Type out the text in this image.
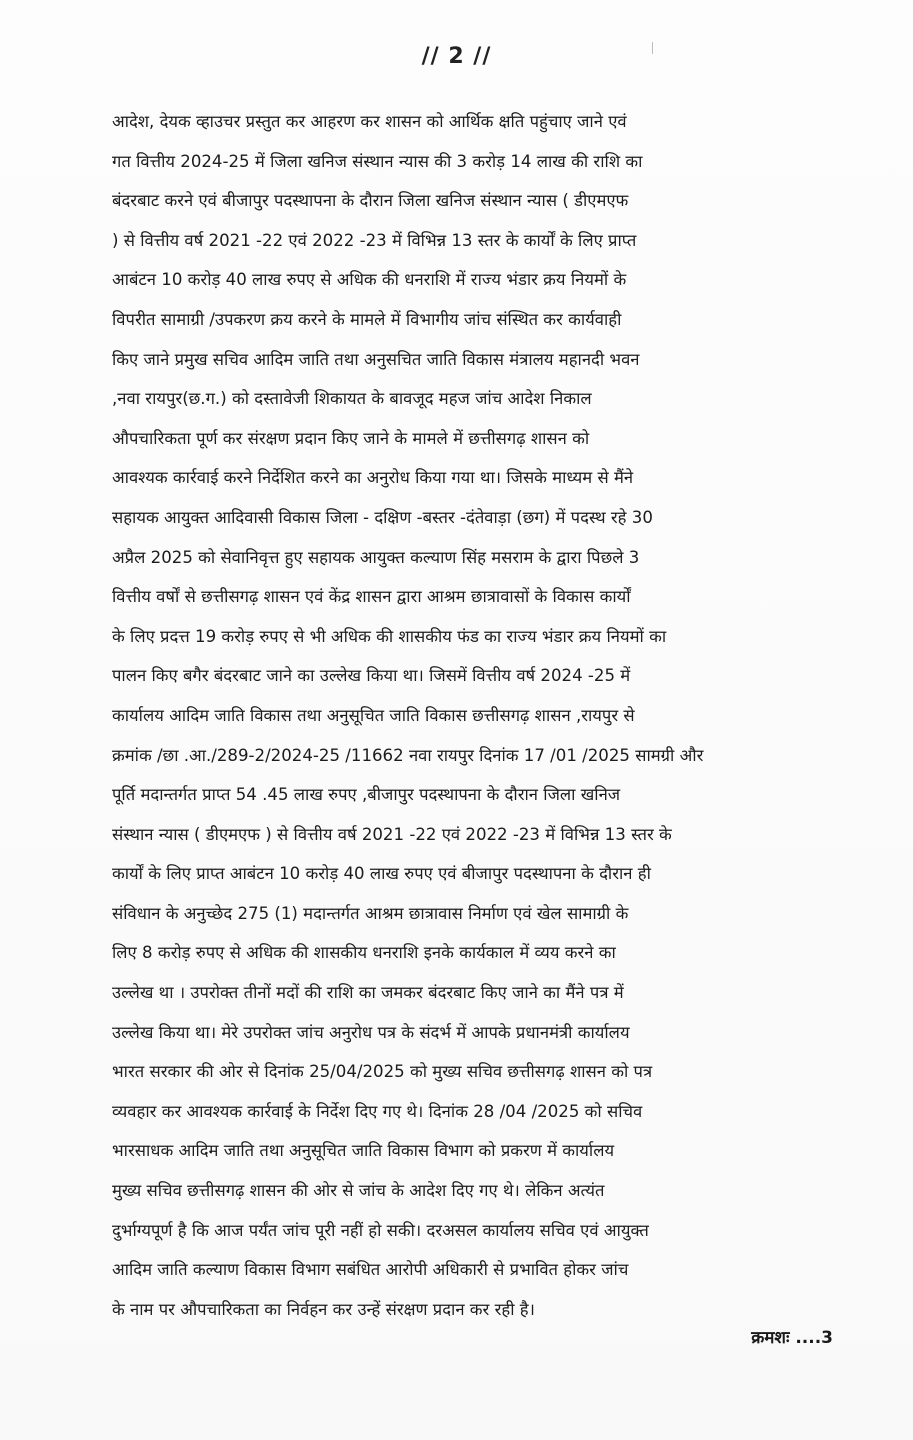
// 2 //
आदेश, देयक व्हाउचर प्रस्तुत कर आहरण कर शासन को आर्थिक क्षति पहुंचाए जाने एवं
गत वित्तीय 2024-25 में जिला खनिज संस्थान न्यास की 3 करोड़ 14 लाख की राशि का
बंदरबाट करने एवं बीजापुर पदस्थापना के दौरान जिला खनिज संस्थान न्यास ( डीएमएफ
) से वित्तीय वर्ष 2021 -22 एवं 2022 -23 में विभिन्न 13 स्तर के कार्यों के लिए प्राप्त
आबंटन 10 करोड़ 40 लाख रुपए से अधिक की धनराशि में राज्य भंडार क्रय नियमों के
विपरीत सामाग्री /उपकरण क्रय करने के मामले में विभागीय जांच संस्थित कर कार्यवाही
किए जाने प्रमुख सचिव आदिम जाति तथा अनुसचित जाति विकास मंत्रालय महानदी भवन
,नवा रायपुर(छ.ग.) को दस्तावेजी शिकायत के बावजूद महज जांच आदेश निकाल
औपचारिकता पूर्ण कर संरक्षण प्रदान किए जाने के मामले में छत्तीसगढ़ शासन को
आवश्यक कार्रवाई करने निर्देशित करने का अनुरोध किया गया था। जिसके माध्यम से मैंने
सहायक आयुक्त आदिवासी विकास जिला - दक्षिण -बस्तर -दंतेवाड़ा (छग) में पदस्थ रहे 30
अप्रैल 2025 को सेवानिवृत्त हुए सहायक आयुक्त कल्याण सिंह मसराम के द्वारा पिछले 3
वित्तीय वर्षों से छत्तीसगढ़ शासन एवं केंद्र शासन द्वारा आश्रम छात्रावासों के विकास कार्यों
के लिए प्रदत्त 19 करोड़ रुपए से भी अधिक की शासकीय फंड का राज्य भंडार क्रय नियमों का
पालन किए बगैर बंदरबाट जाने का उल्लेख किया था। जिसमें वित्तीय वर्ष 2024 -25 में
कार्यालय आदिम जाति विकास तथा अनुसूचित जाति विकास छत्तीसगढ़ शासन ,रायपुर से
क्रमांक /छा .आ./289-2/2024-25 /11662 नवा रायपुर दिनांक 17 /01 /2025 सामग्री और
पूर्ति मदान्तर्गत प्राप्त 54 .45 लाख रुपए ,बीजापुर पदस्थापना के दौरान जिला खनिज
संस्थान न्यास ( डीएमएफ ) से वित्तीय वर्ष 2021 -22 एवं 2022 -23 में विभिन्न 13 स्तर के
कार्यों के लिए प्राप्त आबंटन 10 करोड़ 40 लाख रुपए एवं बीजापुर पदस्थापना के दौरान ही
संविधान के अनुच्छेद 275 (1) मदान्तर्गत आश्रम छात्रावास निर्माण एवं खेल सामाग्री के
लिए 8 करोड़ रुपए से अधिक की शासकीय धनराशि इनके कार्यकाल में व्यय करने का
उल्लेख था । उपरोक्त तीनों मदों की राशि का जमकर बंदरबाट किए जाने का मैंने पत्र में
उल्लेख किया था। मेरे उपरोक्त जांच अनुरोध पत्र के संदर्भ में आपके प्रधानमंत्री कार्यालय
भारत सरकार की ओर से दिनांक 25/04/2025 को मुख्य सचिव छत्तीसगढ़ शासन को पत्र
व्यवहार कर आवश्यक कार्रवाई के निर्देश दिए गए थे। दिनांक 28 /04 /2025 को सचिव
भारसाधक आदिम जाति तथा अनुसूचित जाति विकास विभाग को प्रकरण में कार्यालय
मुख्य सचिव छत्तीसगढ़ शासन की ओर से जांच के आदेश दिए गए थे। लेकिन अत्यंत
दुर्भाग्यपूर्ण है कि आज पर्यंत जांच पूरी नहीं हो सकी। दरअसल कार्यालय सचिव एवं आयुक्त
आदिम जाति कल्याण विकास विभाग सबंधित आरोपी अधिकारी से प्रभावित होकर जांच
के नाम पर औपचारिकता का निर्वहन कर उन्हें संरक्षण प्रदान कर रही है।
क्रमशः ....3
